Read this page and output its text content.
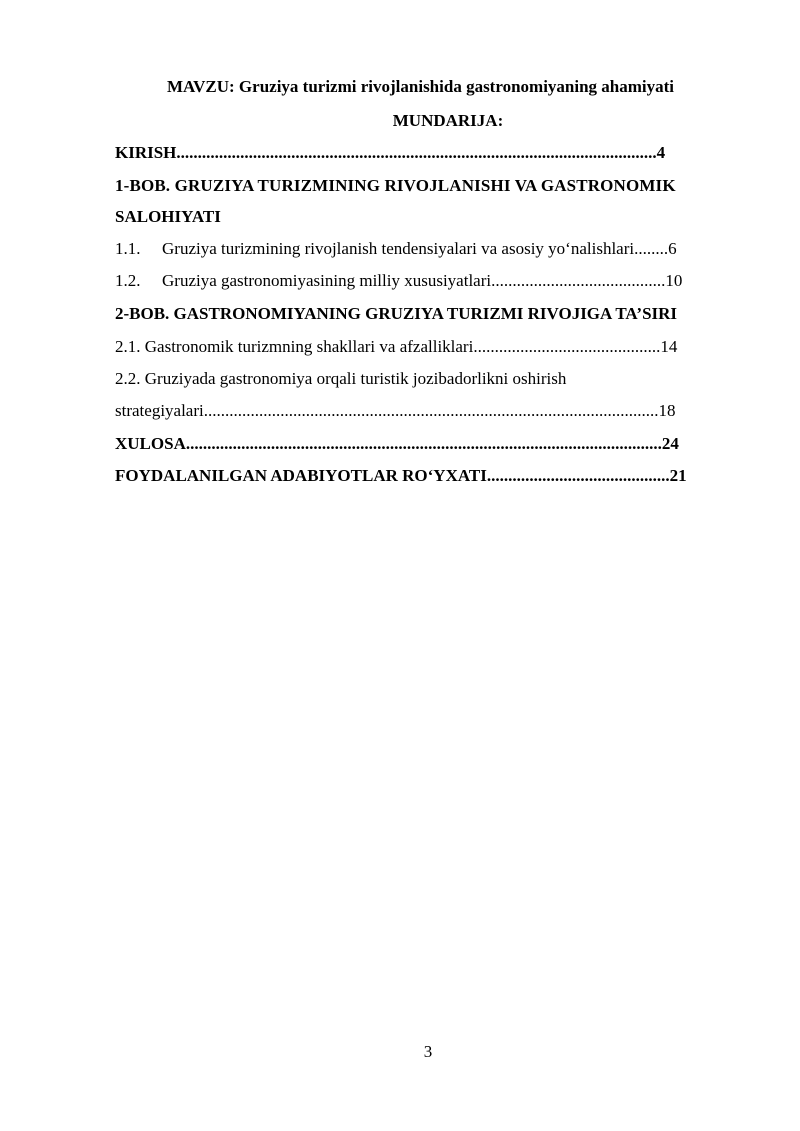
MAVZU: Gruziya turizmi rivojlanishida gastronomiyaning ahamiyati
MUNDARIJA:
KIRISH.................................................................................................................4
1-BOB. GRUZIYA TURIZMINING RIVOJLANISHI VA GASTRONOMIK
SALOHIYATI
1.1. Gruziya turizmining rivojlanish tendensiyalari va asosiy yo‘nalishlari........6
1.2. Gruziya gastronomiyasining milliy xususiyatlari.........................................10
2-BOB. GASTRONOMIYANING GRUZIYA TURIZMI RIVOJIGA TA’SIRI
2.1. Gastronomik turizmning shakllari va afzalliklari............................................14
2.2. Gruziyada gastronomiya orqali turistik jozibadorlikni oshirish
strategiyalari...........................................................................................................18
XULOSA................................................................................................................24
FOYDALANILGAN ADABIYOTLAR RO‘YXATI...........................................21
3
